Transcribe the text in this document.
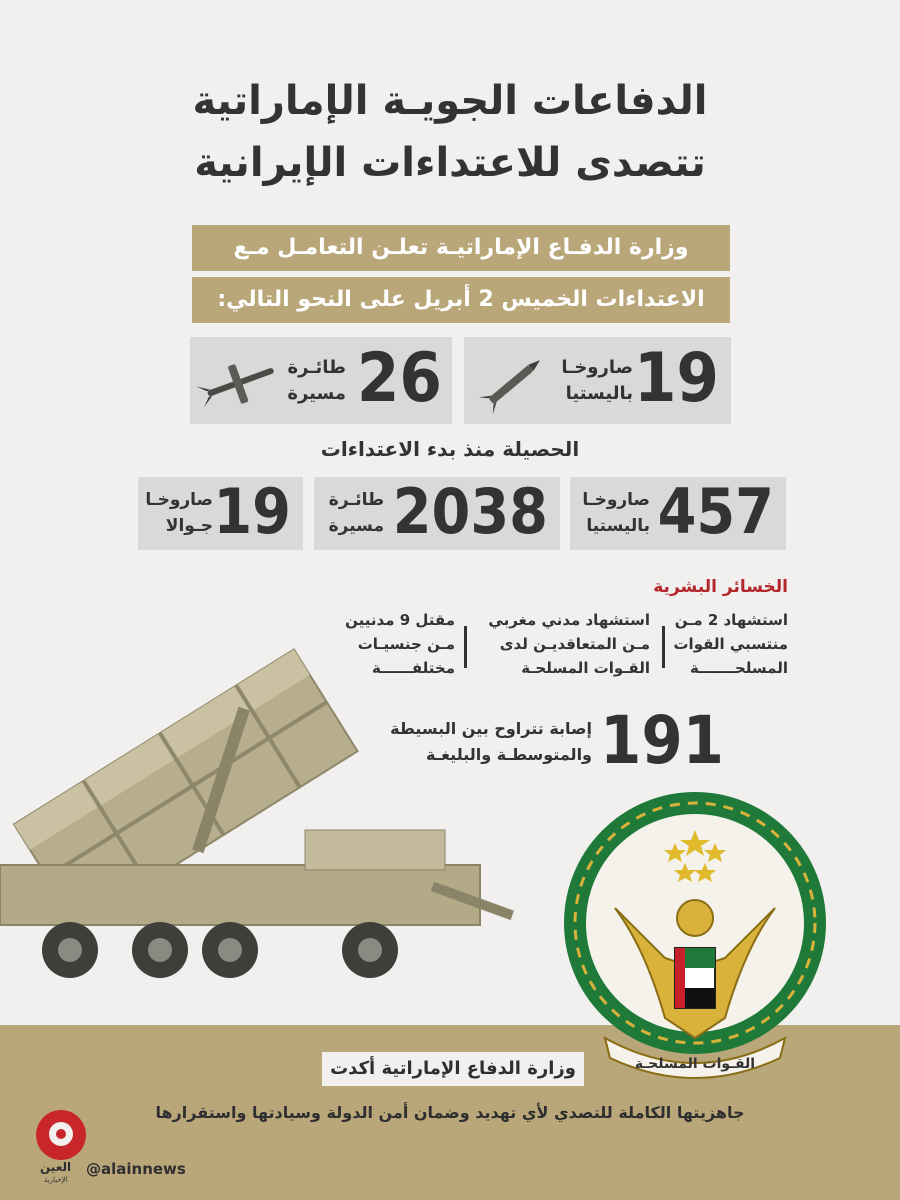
الدفاعات الجويـة الإماراتية
تتصدى للاعتداءات الإيرانية
وزارة الدفـاع الإماراتيـة تعلـن التعامـل مـع
الاعتداءات الخميس 2 أبريل على النحو التالي:
19
صاروخـا
باليستيا
26
طائـرة
مسيرة
الحصيلة منذ بدء الاعتداءات
457
صاروخـا
باليستيا
2038
طائـرة
مسيرة
19
صاروخـا
جـوالا
الخسائر البشرية
استشهاد 2 مـن
منتسبي القوات
المسلحـــــــة
استشهاد مدني مغربي
مـن المتعاقديـن لدى
القـوات المسلحـة
مقتل 9 مدنيين
مـن جنسيـات
مختلفــــــة
191
إصابة تتراوح بين البسيطة
والمتوسطـة والبليغـة
القـوات المسلحـة
وزارة الدفاع الإماراتية أكدت
جاهزيتها الكاملة للتصدي لأي تهديد وضمان أمن الدولة وسيادتها واستقرارها
العين
الإخبارية
@alainnews
